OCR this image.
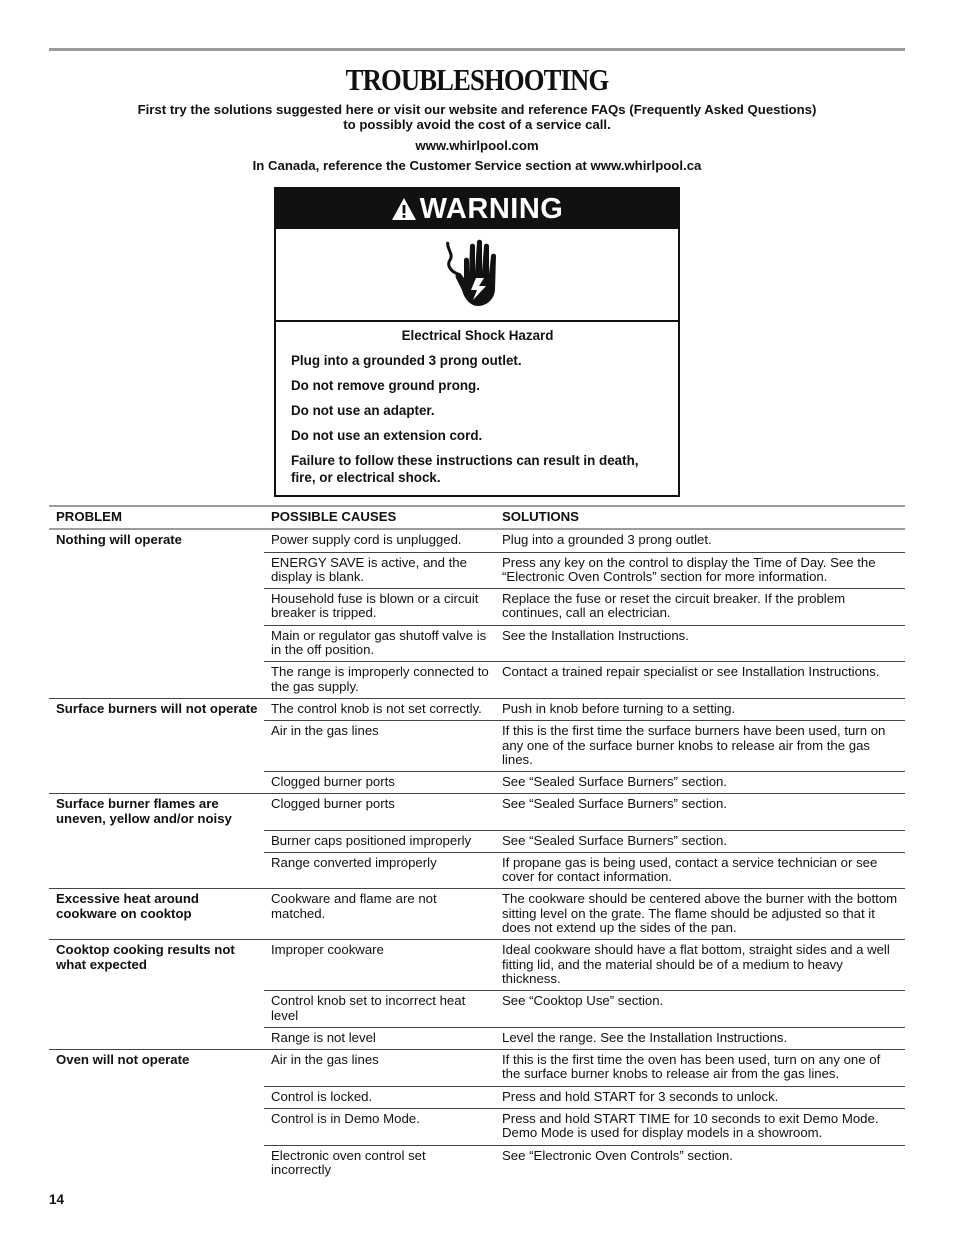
TROUBLESHOOTING
First try the solutions suggested here or visit our website and reference FAQs (Frequently Asked Questions)
to possibly avoid the cost of a service call.
www.whirlpool.com
In Canada, reference the Customer Service section at www.whirlpool.ca
WARNING
Electrical Shock Hazard
Plug into a grounded 3 prong outlet.
Do not remove ground prong.
Do not use an adapter.
Do not use an extension cord.
Failure to follow these instructions can result in death, fire, or electrical shock.
PROBLEM	POSSIBLE CAUSES	SOLUTIONS
Nothing will operate	Power supply cord is unplugged.	Plug into a grounded 3 prong outlet.
	ENERGY SAVE is active, and the display is blank.	Press any key on the control to display the Time of Day. See the “Electronic Oven Controls” section for more information.
	Household fuse is blown or a circuit breaker is tripped.	Replace the fuse or reset the circuit breaker. If the problem continues, call an electrician.
	Main or regulator gas shutoff valve is in the off position.	See the Installation Instructions.
	The range is improperly connected to the gas supply.	Contact a trained repair specialist or see Installation Instructions.
Surface burners will not operate	The control knob is not set correctly.	Push in knob before turning to a setting.
	Air in the gas lines	If this is the first time the surface burners have been used, turn on any one of the surface burner knobs to release air from the gas lines.
	Clogged burner ports	See “Sealed Surface Burners” section.
Surface burner flames are uneven, yellow and/or noisy	Clogged burner ports	See “Sealed Surface Burners” section.
	Burner caps positioned improperly	See “Sealed Surface Burners” section.
	Range converted improperly	If propane gas is being used, contact a service technician or see cover for contact information.
Excessive heat around cookware on cooktop	Cookware and flame are not matched.	The cookware should be centered above the burner with the bottom sitting level on the grate. The flame should be adjusted so that it does not extend up the sides of the pan.
Cooktop cooking results not what expected	Improper cookware	Ideal cookware should have a flat bottom, straight sides and a well fitting lid, and the material should be of a medium to heavy thickness.
	Control knob set to incorrect heat level	See “Cooktop Use” section.
	Range is not level	Level the range. See the Installation Instructions.
Oven will not operate	Air in the gas lines	If this is the first time the oven has been used, turn on any one of the surface burner knobs to release air from the gas lines.
	Control is locked.	Press and hold START for 3 seconds to unlock.
	Control is in Demo Mode.	Press and hold START TIME for 10 seconds to exit Demo Mode. Demo Mode is used for display models in a showroom.
	Electronic oven control set incorrectly	See “Electronic Oven Controls” section.
14
